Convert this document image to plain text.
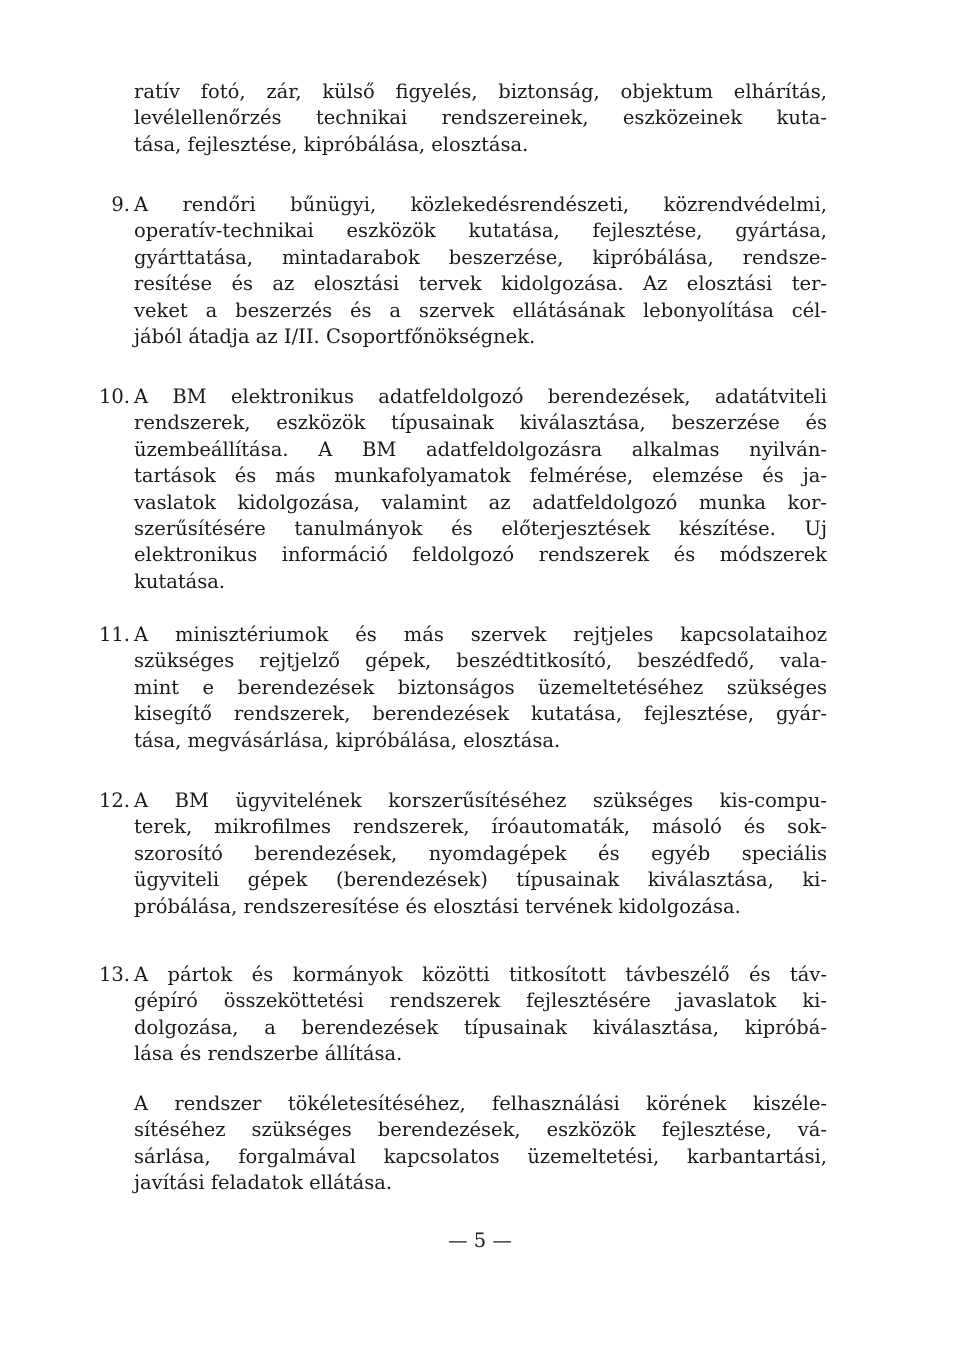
ratív fotó, zár, külső figyelés, biztonság, objektum elhárítás,
levélellenőrzés technikai rendszereinek, eszközeinek kuta-
tása, fejlesztése, kipróbálása, elosztása.
9. A rendőri bűnügyi, közlekedésrendészeti, közrendvédelmi,
operatív-technikai eszközök kutatása, fejlesztése, gyártása,
gyárttatása, mintadarabok beszerzése, kipróbálása, rendsze-
resítése és az elosztási tervek kidolgozása. Az elosztási ter-
veket a beszerzés és a szervek ellátásának lebonyolítása cél-
jából átadja az I/II. Csoportfőnökségnek.
10. A BM elektronikus adatfeldolgozó berendezések, adatátviteli
rendszerek, eszközök típusainak kiválasztása, beszerzése és
üzembeállítása. A BM adatfeldolgozásra alkalmas nyilván-
tartások és más munkafolyamatok felmérése, elemzése és ja-
vaslatok kidolgozása, valamint az adatfeldolgozó munka kor-
szerűsítésére tanulmányok és előterjesztések készítése. Uj
elektronikus információ feldolgozó rendszerek és módszerek
kutatása.
11. A minisztériumok és más szervek rejtjeles kapcsolataihoz
szükséges rejtjelző gépek, beszédtitkosító, beszédfedő, vala-
mint e berendezések biztonságos üzemeltetéséhez szükséges
kisegítő rendszerek, berendezések kutatása, fejlesztése, gyár-
tása, megvásárlása, kipróbálása, elosztása.
12. A BM ügyvitelének korszerűsítéséhez szükséges kis-compu-
terek, mikrofilmes rendszerek, íróautomaták, másoló és sok-
szorosító berendezések, nyomdagépek és egyéb speciális
ügyviteli gépek (berendezések) típusainak kiválasztása, ki-
próbálása, rendszeresítése és elosztási tervének kidolgozása.
13. A pártok és kormányok közötti titkosított távbeszélő és táv-
gépíró összeköttetési rendszerek fejlesztésére javaslatok ki-
dolgozása, a berendezések típusainak kiválasztása, kipróbá-
lása és rendszerbe állítása.
A rendszer tökéletesítéséhez, felhasználási körének kiszéle-
sítéséhez szükséges berendezések, eszközök fejlesztése, vá-
sárlása, forgalmával kapcsolatos üzemeltetési, karbantartási,
javítási feladatok ellátása.
— 5 —
